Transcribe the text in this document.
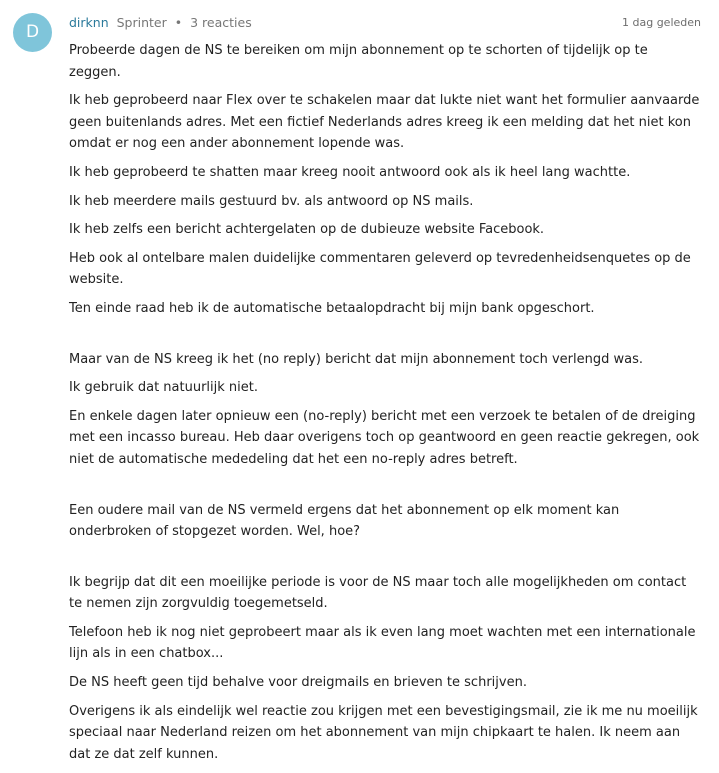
D	dirknn Sprinter • 3 reacties	1 dag geleden

Probeerde dagen de NS te bereiken om mijn abonnement op te schorten of tijdelijk op te zeggen.

Ik heb geprobeerd naar Flex over te schakelen maar dat lukte niet want het formulier aanvaarde geen buitenlands adres. Met een fictief Nederlands adres kreeg ik een melding dat het niet kon omdat er nog een ander abonnement lopende was.

Ik heb geprobeerd te shatten maar kreeg nooit antwoord ook als ik heel lang wachtte.

Ik heb meerdere mails gestuurd bv. als antwoord op NS mails.

Ik heb zelfs een bericht achtergelaten op de dubieuze website Facebook.

Heb ook al ontelbare malen duidelijke commentaren geleverd op tevredenheidsenquetes op de website.

Ten einde raad heb ik de automatische betaalopdracht bij mijn bank opgeschort.

Maar van de NS kreeg ik het (no reply) bericht dat mijn abonnement toch verlengd was.

Ik gebruik dat natuurlijk niet.

En enkele dagen later opnieuw een (no-reply) bericht met een verzoek te betalen of de dreiging met een incasso bureau. Heb daar overigens toch op geantwoord en geen reactie gekregen, ook niet de automatische mededeling dat het een no-reply adres betreft.

Een oudere mail van de NS vermeld ergens dat het abonnement op elk moment kan onderbroken of stopgezet worden. Wel, hoe?

Ik begrijp dat dit een moeilijke periode is voor de NS maar toch alle mogelijkheden om contact te nemen zijn zorgvuldig toegemetseld.

Telefoon heb ik nog niet geprobeert maar als ik even lang moet wachten met een internationale lijn als in een chatbox...

De NS heeft geen tijd behalve voor dreigmails en brieven te schrijven.

Overigens ik als eindelijk wel reactie zou krijgen met een bevestigingsmail, zie ik me nu moeilijk speciaal naar Nederland reizen om het abonnement van mijn chipkaart te halen. Ik neem aan dat ze dat zelf kunnen.
